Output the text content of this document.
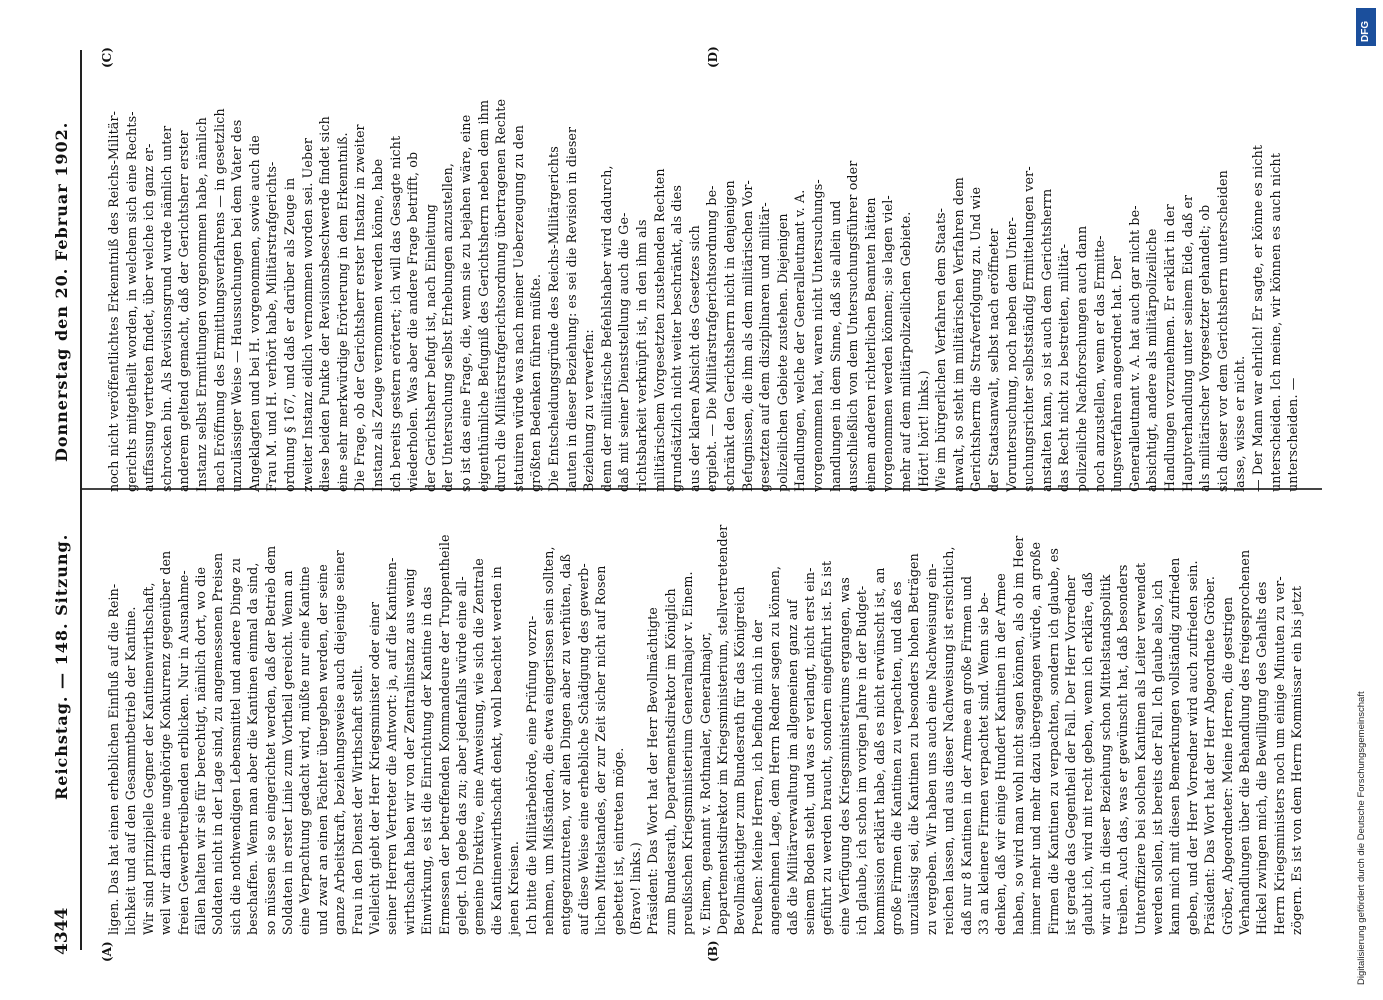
4344
Reichstag. — 148. Sitzung.
Donnerstag den 20. Februar 1902.
(A)	(B)
(C)	(D)
ligen. Das hat einen erheblichen Einfluß auf die Rein- lichkeit und auf den Gesammtbetrieb der Kantine. Wir sind prinzipielle Gegner der Kantinenwirthschaft, weil wir darin eine ungehörige Konkurrenz gegenüber den freien Gewerbetreibenden erblicken. Nur in Ausnahme- fällen halten wir sie für berechtigt, nämlich dort, wo die Soldaten nicht in der Lage sind, zu angemessenen Preisen sich die nothwendigen Lebensmittel und andere Dinge zu beschaffen. Wenn man aber die Kantinen einmal da sind, so müssen sie so eingerichtet werden, daß der Betrieb dem Soldaten in erster Linie zum Vortheil gereicht. Wenn an eine Verpachtung gedacht wird, müßte nur eine Kantine und zwar an einen Pächter übergeben werden, der seine ganze Arbeitskraft, beziehungsweise auch diejenige seiner Frau in den Dienst der Wirthschaft stellt. Vielleicht giebt der Herr Kriegsminister oder einer seiner Herren Vertreter die Antwort: ja, auf die Kantinen- wirthschaft haben wir von der Zentralinstanz aus wenig Einwirkung, es ist die Einrichtung der Kantine in das Ermessen der betreffenden Kommandeure der Truppentheile gelegt. Ich gebe das zu; aber jedenfalls würde eine all- gemeine Direktive, eine Anweisung, wie sich die Zentrale die Kantinenwirthschaft denkt, wohl beachtet werden in jenen Kreisen. Ich bitte die Militärbehörde, eine Prüfung vorzu- nehmen, um Mißständen, die etwa eingerissen sein sollten, entgegenzutreten, vor allen Dingen aber zu verhüten, daß auf diese Weise eine erhebliche Schädigung des gewerb- lichen Mittelstandes, der zur Zeit sicher nicht auf Rosen gebettet ist, eintreten möge. (Bravo! links.) Präsident: Das Wort hat der Herr Bevollmächtigte zum Bundesrath, Departementsdirektor im Königlich preußischen Kriegsministerium Generalmajor v. Einem. v. Einem, genannt v. Rothmaler, Generalmajor, Departementsdirektor im Kriegsministerium, stellvertretender Bevollmächtigter zum Bundesrath für das Königreich Preußen: Meine Herren, ich befinde mich in der angenehmen Lage, dem Herrn Redner sagen zu können, daß die Militärverwaltung im allgemeinen ganz auf seinem Boden steht, und was er verlangt, nicht erst ein- geführt zu werden braucht, sondern eingeführt ist. Es ist eine Verfügung des Kriegsministeriums ergangen, was ich glaube, ich schon im vorigen Jahre in der Budget- kommission erklärt habe, daß es nicht erwünscht ist, an große Firmen die Kantinen zu verpachten, und daß es unzulässig sei, die Kantinen zu besonders hohen Beträgen zu vergeben. Wir haben uns auch eine Nachweisung ein- reichen lassen, und aus dieser Nachweisung ist ersichtlich, daß nur 8 Kantinen in der Armee an große Firmen und 33 an kleinere Firmen verpachtet sind. Wenn sie be- denken, daß wir einige Hundert Kantinen in der Armee haben, so wird man wohl nicht sagen können, als ob im Heer immer mehr und mehr dazu übergegangen würde, an große Firmen die Kantinen zu verpachten, sondern ich glaube, es ist gerade das Gegentheil der Fall. Der Herr Vorredner glaubt ich, wird mit recht geben, wenn ich erkläre, daß wir auch in dieser Beziehung schon Mittelstandspolitik treiben. Auch das, was er gewünscht hat, daß besonders Unteroffiziere bei solchen Kantinen als Leiter verwendet werden sollen, ist bereits der Fall. Ich glaube also, ich kann mich mit diesen Bemerkungen vollständig zufrieden geben, und der Herr Vorredner wird auch zufrieden sein. Präsident: Das Wort hat der Herr Abgeordnete Gröber. Gröber, Abgeordneter: Meine Herren, die gestrigen Verhandlungen über die Behandlung des freigesprochenen Hickel zwingen mich, die Bewilligung des Gehalts des Herrn Kriegsministers noch um einige Minuten zu ver- zögern. Es ist von dem Herrn Kommissar ein bis jetzt
noch nicht veröffentlichtes Erkenntniß des Reichs-Militär- gerichts mitgetheilt worden, in welchem sich eine Rechts- auffassung vertreten findet, über welche ich ganz er- schrocken bin. Als Revisionsgrund wurde nämlich unter anderem geltend gemacht, daß der Gerichtsherr erster Instanz selbst Ermittlungen vorgenommen habe, nämlich nach Eröffnung des Ermittlungsverfahrens — in gesetzlich unzulässiger Weise — Haussuchungen bei dem Vater des Angeklagten und bei H. vorgenommen, sowie auch die Frau M. und H. verhört habe, Militärstrafgerichts- ordnung § 167, und daß er darüber als Zeuge in zweiter Instanz eidlich vernommen worden sei. Ueber diese beiden Punkte der Revisionsbeschwerde findet sich eine sehr merkwürdige Erörterung in dem Erkenntniß. Die Frage, ob der Gerichtsherr erster Instanz in zweiter Instanz als Zeuge vernommen werden könne, habe ich bereits gestern erörtert; ich will das Gesagte nicht wiederholen. Was aber die andere Frage betrifft, ob der Gerichtsherr befugt ist, nach Einleitung der Untersuchung selbst Erhebungen anzustellen, so ist das eine Frage, die, wenn sie zu bejahen wäre, eine eigenthümliche Befugniß des Gerichtsherrn neben dem ihm durch die Militärstrafgerichtsordnung übertragenen Rechte statuiren würde was nach meiner Ueberzeugung zu den größten Bedenken führen müßte. Die Entscheidungsgründe des Reichs-Militärgerichts lauten in dieser Beziehung: es sei die Revision in dieser Beziehung zu verwerfen: denn der militärische Befehlshaber wird dadurch, daß mit seiner Dienststellung auch die Ge- richtsbarkeit verknüpft ist, in den ihm als militärischem Vorgesetzten zustehenden Rechten grundsätzlich nicht weiter beschränkt, als dies aus der klaren Absicht des Gesetzes sich ergiebt. — Die Militärstrafgerichtsordnung be- schränkt den Gerichtsherrn nicht in denjenigen Befugnissen, die ihm als dem militärischen Vor- gesetzten auf dem disziplinaren und militär- polizeilichen Gebiete zustehen. Diejenigen Handlungen, welche der Generalleutnant v. A. vorgenommen hat, waren nicht Untersuchungs- handlungen in dem Sinne, daß sie allein und ausschließlich von dem Untersuchungsführer oder einem anderen richterlichen Beamten hätten vorgenommen werden können; sie lagen viel- mehr auf dem militärpolizeilichen Gebiete. (Hört! hört! links.) Wie im bürgerlichen Verfahren dem Staats- anwalt, so steht im militärischen Verfahren dem Gerichtsherrn die Strafverfolgung zu. Und wie der Staatsanwalt, selbst nach eröffneter Voruntersuchung, noch neben dem Unter- suchungsrichter selbstständig Ermittelungen ver- anstalten kann, so ist auch dem Gerichtsherrn das Recht nicht zu bestreiten, militär- polizeiliche Nachforschungen auch dann noch anzustellen, wenn er das Ermitte- lungsverfahren angeordnet hat. Der Generalleutnant v. A. hat auch gar nicht be- absichtigt, andere als militärpolizeiliche Handlungen vorzunehmen. Er erklärt in der Hauptverhandlung unter seinem Eide, daß er als militärischer Vorgesetzter gehandelt; ob sich dieser vor dem Gerichtsherrn unterscheiden lasse, wisse er nicht. — Der Mann war ehrlich! Er sagte, er könne es nicht unterscheiden. Ich meine, wir können es auch nicht unterscheiden. —
Digitalisierung gefördert durch die Deutsche Forschungsgemeinschaft
DFG
